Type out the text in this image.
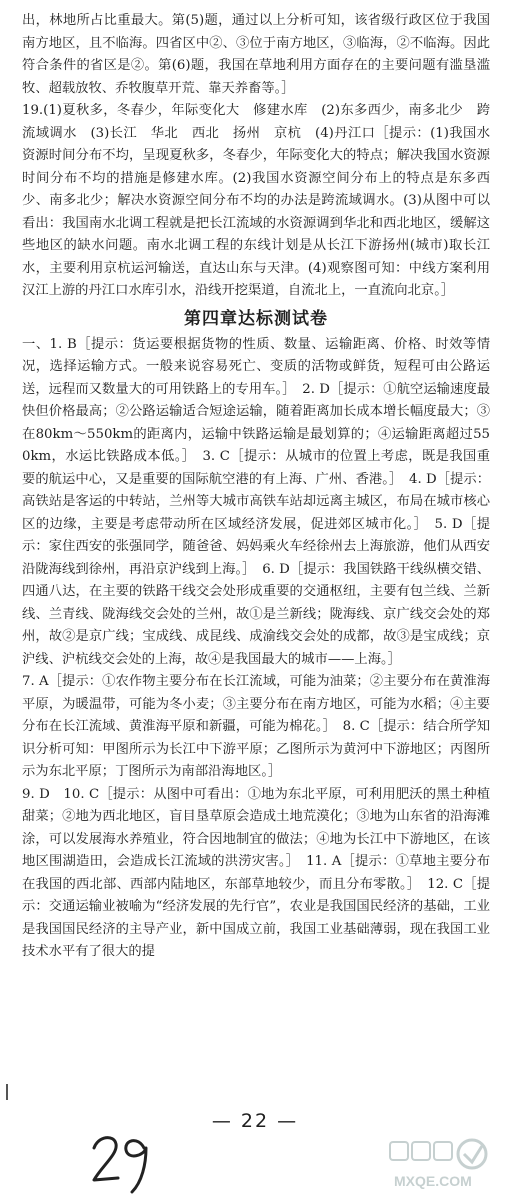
出，林地所占比重最大。第(5)题，通过以上分析可知，该省级行政区位于我国南方地区，且不临海。四省区中②、③位于南方地区，③临海，②不临海。因此符合条件的省区是②。第(6)题，我国在草地利用方面存在的主要问题有滥垦滥牧、超载放牧、乔牧腹草开荒、靠天养畜等。］

19.(1)夏秋多，冬春少，年际变化大　修建水库　(2)东多西少，南多北少　跨流域调水　(3)长江　华北　西北　扬州　京杭　(4)丹江口［提示：(1)我国水资源时间分布不均，呈现夏秋多，冬春少，年际变化大的特点；解决我国水资源时间分布不均的措施是修建水库。(2)我国水资源空间分布上的特点是东多西少、南多北少；解决水资源空间分布不均的办法是跨流域调水。(3)从图中可以看出：我国南水北调工程就是把长江流域的水资源调到华北和西北地区，缓解这些地区的缺水问题。南水北调工程的东线计划是从长江下游扬州(城市)取长江水，主要利用京杭运河输送，直达山东与天津。(4)观察图可知：中线方案利用汉江上游的丹江口水库引水，沿线开挖渠道，自流北上，一直流向北京。］

第四章达标测试卷

一、1. B［提示：货运要根据货物的性质、数量、运输距离、价格、时效等情况，选择运输方式。一般来说容易死亡、变质的活物或鲜货，短程可由公路运送，远程而又数量大的可用铁路上的专用车。］　2. D［提示：①航空运输速度最快但价格最高；②公路运输适合短途运输，随着距离加长成本增长幅度最大；③在80km～550km的距离内，运输中铁路运输是最划算的；④运输距离超过550km，水运比铁路成本低。］　3. C［提示：从城市的位置上考虑，既是我国重要的航运中心，又是重要的国际航空港的有上海、广州、香港。］　4. D［提示：高铁站是客运的中转站，兰州等大城市高铁车站却远离主城区，布局在城市核心区的边缘，主要是考虑带动所在区域经济发展，促进郊区城市化。］　5. D［提示：家住西安的张强同学，随爸爸、妈妈乘火车经徐州去上海旅游，他们从西安沿陇海线到徐州，再沿京沪线到上海。］　6. D［提示：我国铁路干线纵横交错、四通八达，在主要的铁路干线交会处形成重要的交通枢纽，主要有包兰线、兰新线、兰青线、陇海线交会处的兰州，故①是兰新线；陇海线、京广线交会处的郑州，故②是京广线；宝成线、成昆线、成渝线交会处的成都，故③是宝成线；京沪线、沪杭线交会处的上海，故④是我国最大的城市——上海。］

7. A［提示：①农作物主要分布在长江流域，可能为油菜；②主要分布在黄淮海平原，为暖温带，可能为冬小麦；③主要分布在南方地区，可能为水稻；④主要分布在长江流域、黄淮海平原和新疆，可能为棉花。］　8. C［提示：结合所学知识分析可知：甲图所示为长江中下游平原；乙图所示为黄河中下游地区；丙图所示为东北平原；丁图所示为南部沿海地区。］

9. D　10. C［提示：从图中可看出：①地为东北平原，可利用肥沃的黑土种植甜菜；②地为西北地区，盲目垦草原会造成土地荒漠化；③地为山东省的沿海滩涂，可以发展海水养殖业，符合因地制宜的做法；④地为长江中下游地区，在该地区围湖造田，会造成长江流域的洪涝灾害。］　11. A［提示：①草地主要分布在我国的西北部、西部内陆地区，东部草地较少，而且分布零散。］　12. C［提示：交通运输业被喻为“经济发展的先行官”，农业是我国国民经济的基础，工业是我国国民经济的主导产业，新中国成立前，我国工业基础薄弱，现在我国工业技术水平有了很大的提

— 22 —
MXQE.COM
